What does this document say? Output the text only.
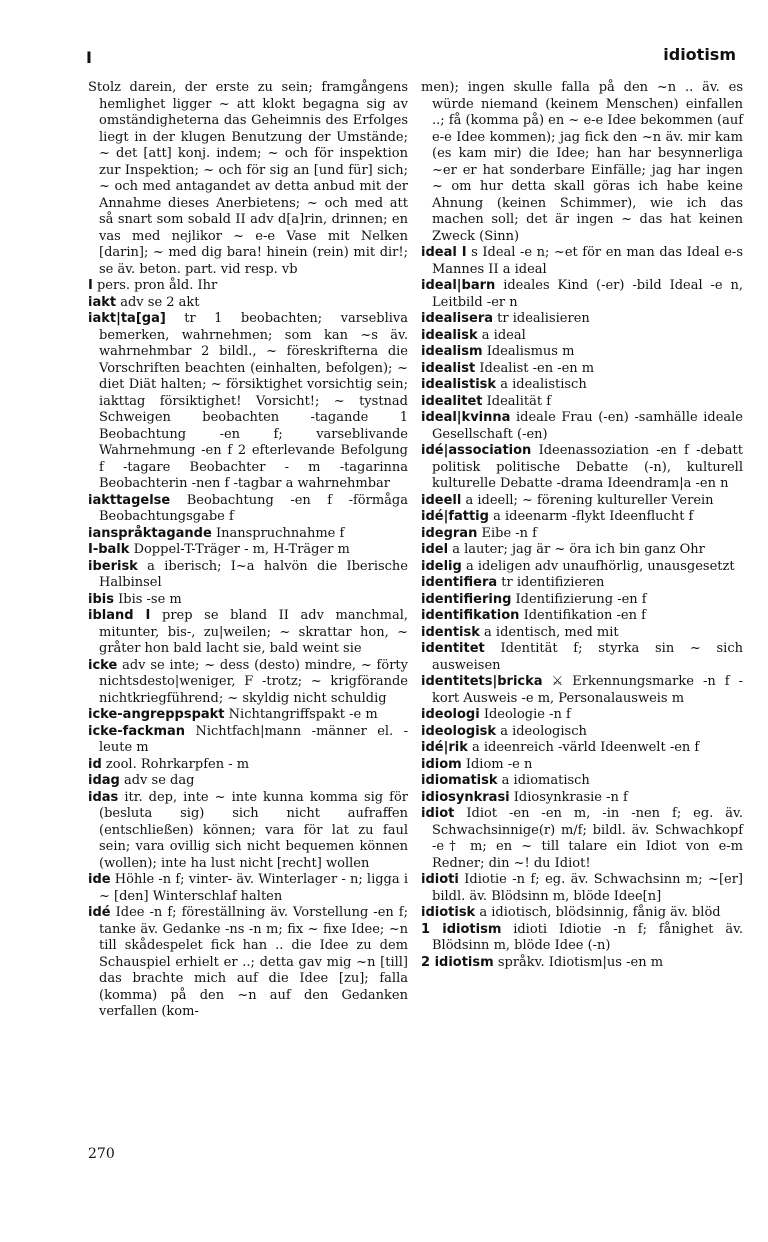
I	idiotism

Stolz darein, der erste zu sein; framgångens hemlighet ligger ~ att klokt begagna sig av omständigheterna das Geheimnis des Erfolges liegt in der klugen Benutzung der Umstände; ~ det [att] konj. indem; ~ och för inspektion zur Inspektion; ~ och för sig an [und für] sich; ~ och med antagandet av detta anbud mit der Annahme dieses Anerbietens; ~ och med att så snart som sobald II adv d[a]rin, drinnen; en vas med nejlikor ~ e-e Vase mit Nelken [darin]; ~ med dig bara! hinein (rein) mit dir!; se äv. beton. part. vid resp. vb

I pers. pron åld. Ihr

iakt adv se 2 akt

iakt|ta[ga] tr 1 beobachten; varsebliva bemerken, wahrnehmen; som kan ~s äv. wahrnehmbar 2 bildl., ~ föreskrifterna die Vorschriften beachten (einhalten, befolgen); ~ diet Diät halten; ~ försiktighet vorsichtig sein; iakttag försiktighet! Vorsicht!; ~ tystnad Schweigen beobachten -tagande 1 Beobachtung -en f; varseblivande Wahrnehmung -en f 2 efterlevande Befolgung f -tagare Beobachter - m -tagarinna Beobachterin -nen f -tagbar a wahrnehmbar

iakttagelse Beobachtung -en f -förmåga Beobachtungsgabe f

ianspråktagande Inanspruchnahme f

I-balk Doppel-T-Träger - m, H-Träger m

iberisk a iberisch; I~a halvön die Iberische Halbinsel

ibis Ibis -se m

ibland I prep se bland II adv manchmal, mitunter, bis-, zu|weilen; ~ skrattar hon, ~ gråter hon bald lacht sie, bald weint sie

icke adv se inte; ~ dess (desto) mindre, ~ förty nichtsdesto|weniger, F -trotz; ~ krigförande nichtkriegführend; ~ skyldig nicht schuldig

icke-angreppspakt Nichtangriffspakt -e m

icke-fackman Nichtfach|mann -männer el. -leute m

id zool. Rohrkarpfen - m

idag adv se dag

idas itr. dep, inte ~ inte kunna komma sig för (besluta sig) sich nicht aufraffen (entschließen) können; vara för lat zu faul sein; vara ovillig sich nicht bequemen können (wollen); inte ha lust nicht [recht] wollen

ide Höhle -n f; vinter- äv. Winterlager - n; ligga i ~ [den] Winterschlaf halten

idé Idee -n f; föreställning äv. Vorstellung -en f; tanke äv. Gedanke -ns -n m; fix ~ fixe Idee; ~n till skådespelet fick han .. die Idee zu dem Schauspiel erhielt er ..; detta gav mig ~n [till] das brachte mich auf die Idee [zu]; falla (komma) på den ~n auf den Gedanken verfallen (kom-

men); ingen skulle falla på den ~n .. äv. es würde niemand (keinem Menschen) einfallen ..; få (komma på) en ~ e-e Idee bekommen (auf e-e Idee kommen); jag fick den ~n äv. mir kam (es kam mir) die Idee; han har besynnerliga ~er er hat sonderbare Einfälle; jag har ingen ~ om hur detta skall göras ich habe keine Ahnung (keinen Schimmer), wie ich das machen soll; det är ingen ~ das hat keinen Zweck (Sinn)

ideal I s Ideal -e n; ~et för en man das Ideal e-s Mannes II a ideal

ideal|barn ideales Kind (-er) -bild Ideal -e n, Leitbild -er n

idealisera tr idealisieren

idealisk a ideal

idealism Idealismus m

idealist Idealist -en -en m

idealistisk a idealistisch

idealitet Idealität f

ideal|kvinna ideale Frau (-en) -samhälle ideale Gesellschaft (-en)

idé|association Ideenassoziation -en f -debatt politisk politische Debatte (-n), kulturell kulturelle Debatte -drama Ideendram|a -en n

ideell a ideell; ~ förening kultureller Verein

idé|fattig a ideenarm -flykt Ideenflucht f

idegran Eibe -n f

idel a lauter; jag är ~ öra ich bin ganz Ohr

idelig a ideligen adv unaufhörlig, unausgesetzt

identifiera tr identifizieren

identifiering Identifizierung -en f

identifikation Identifikation -en f

identisk a identisch, med mit

identitet Identität f; styrka sin ~ sich ausweisen

identitets|bricka ⚔ Erkennungsmarke -n f -kort Ausweis -e m, Personalausweis m

ideologi Ideologie -n f

ideologisk a ideologisch

idé|rik a ideenreich -värld Ideenwelt -en f

idiom Idiom -e n

idiomatisk a idiomatisch

idiosynkrasi Idiosynkrasie -n f

idiot Idiot -en -en m, -in -nen f; eg. äv. Schwachsinnige(r) m/f; bildl. äv. Schwachkopf -e† m; en ~ till talare ein Idiot von e-m Redner; din ~! du Idiot!

idioti Idiotie -n f; eg. äv. Schwachsinn m; ~[er] bildl. äv. Blödsinn m, blöde Idee[n]

idiotisk a idiotisch, blödsinnig, fånig äv. blöd

1 idiotism idioti Idiotie -n f; fånighet äv. Blödsinn m, blöde Idee (-n)

2 idiotism språkv. Idiotism|us -en m

270
